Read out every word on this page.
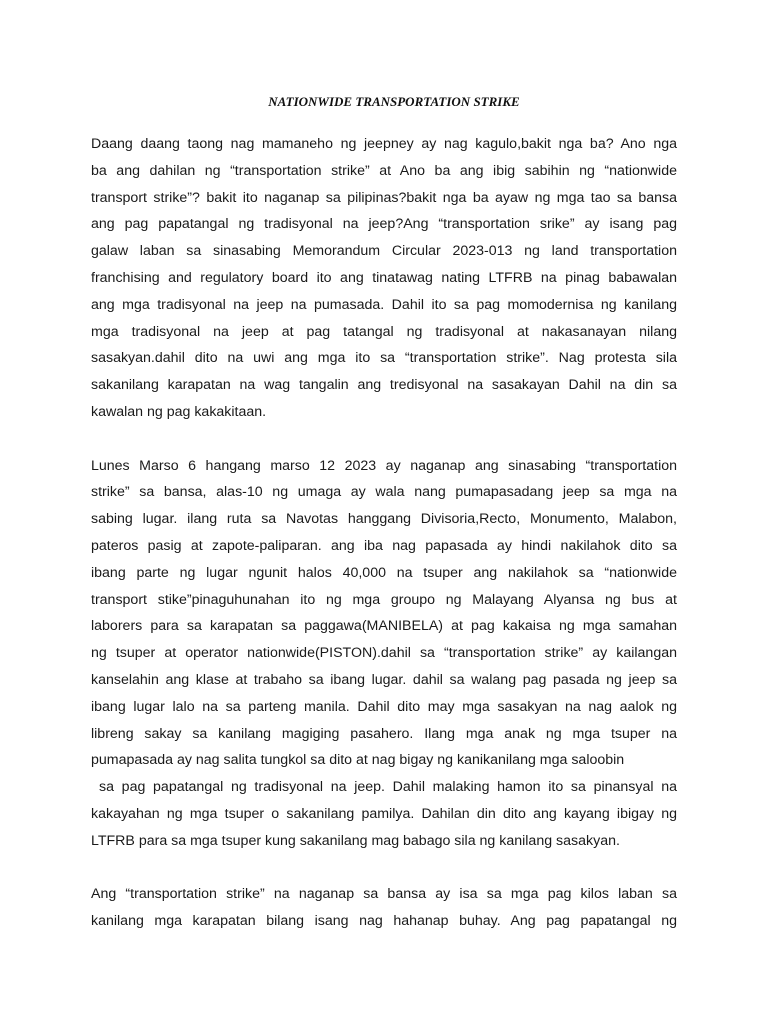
NATIONWIDE TRANSPORTATION STRIKE
Daang daang taong nag mamaneho ng jeepney ay nag kagulo,bakit nga ba? Ano nga
ba ang dahilan ng “transportation strike” at Ano ba ang ibig sabihin ng “nationwide
transport strike”? bakit ito naganap sa pilipinas?bakit nga ba ayaw ng mga tao sa bansa
ang pag papatangal ng tradisyonal na jeep?Ang “transportation srike” ay isang pag
galaw laban sa sinasabing Memorandum Circular 2023-013 ng land transportation
franchising and regulatory board ito ang tinatawag nating LTFRB na pinag babawalan
ang mga tradisyonal na jeep na pumasada. Dahil ito sa pag momodernisa ng kanilang
mga tradisyonal na jeep at pag tatangal ng tradisyonal at nakasanayan nilang
sasakyan.dahil dito na uwi ang mga ito sa “transportation strike”. Nag protesta sila
sakanilang karapatan na wag tangalin ang tredisyonal na sasakayan Dahil na din sa
kawalan ng pag kakakitaan.
Lunes Marso 6 hangang marso 12 2023 ay naganap ang sinasabing “transportation
strike” sa bansa, alas-10 ng umaga ay wala nang pumapasadang jeep sa mga na
sabing lugar. ilang ruta sa Navotas hanggang Divisoria,Recto, Monumento, Malabon,
pateros pasig at zapote-paliparan. ang iba nag papasada ay hindi nakilahok dito sa
ibang parte ng lugar ngunit halos 40,000 na tsuper ang nakilahok sa “nationwide
transport stike”pinaguhunahan ito ng mga groupo ng Malayang Alyansa ng bus at
laborers para sa karapatan sa paggawa(MANIBELA) at pag kakaisa ng mga samahan
ng tsuper at operator nationwide(PISTON).dahil sa “transportation strike” ay kailangan
kanselahin ang klase at trabaho sa ibang lugar. dahil sa walang pag pasada ng jeep sa
ibang lugar lalo na sa parteng manila. Dahil dito may mga sasakyan na nag aalok ng
libreng sakay sa kanilang magiging pasahero. Ilang mga anak ng mga tsuper na
pumapasada ay nag salita tungkol sa dito at nag bigay ng kanikanilang mga saloobin
sa pag papatangal ng tradisyonal na jeep. Dahil malaking hamon ito sa pinansyal na
kakayahan ng mga tsuper o sakanilang pamilya. Dahilan din dito ang kayang ibigay ng
LTFRB para sa mga tsuper kung sakanilang mag babago sila ng kanilang sasakyan.
Ang “transportation strike” na naganap sa bansa ay isa sa mga pag kilos laban sa
kanilang mga karapatan bilang isang nag hahanap buhay. Ang pag papatangal ng
